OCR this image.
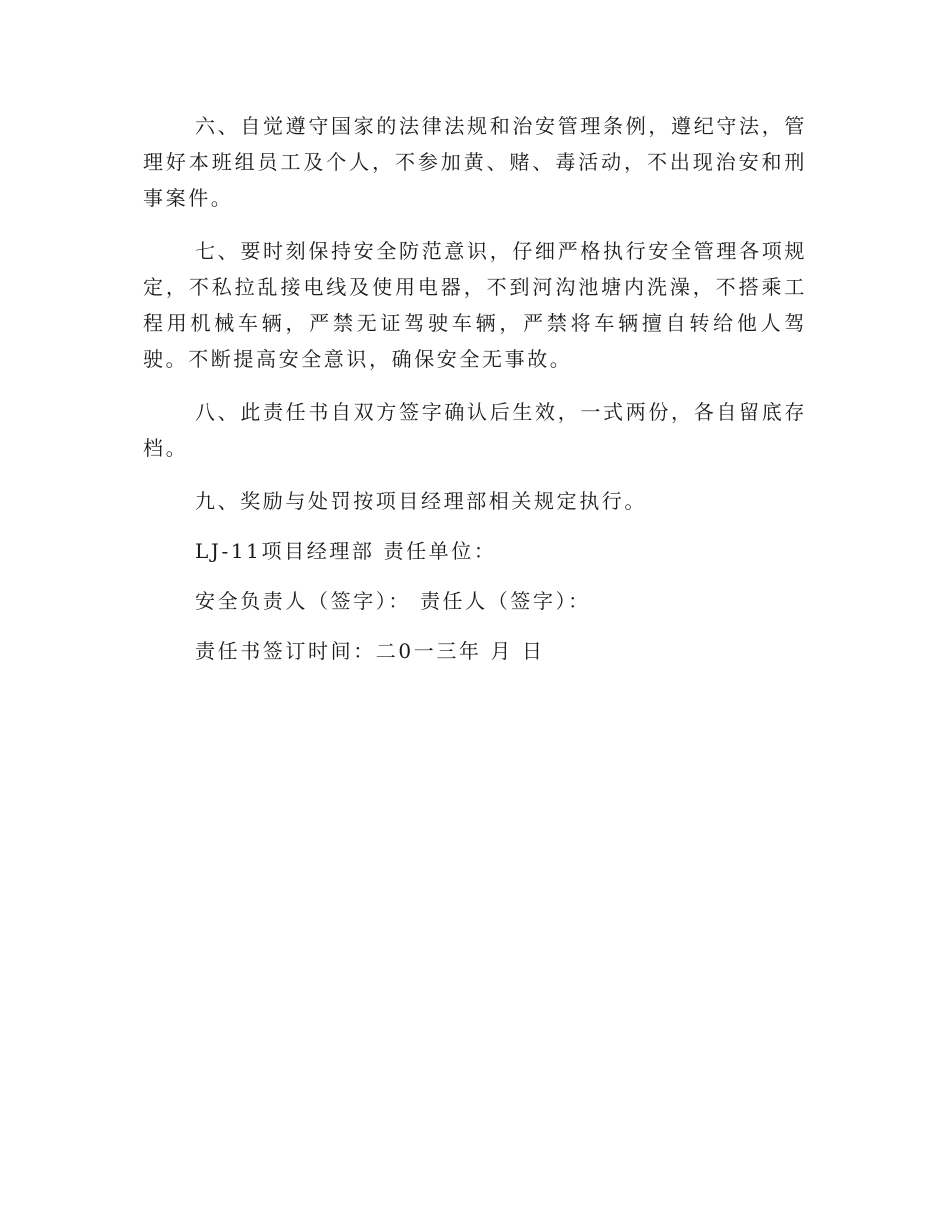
六、自觉遵守国家的法律法规和治安管理条例，遵纪守法，管理好本班组员工及个人，不参加黄、赌、毒活动，不出现治安和刑事案件。

七、要时刻保持安全防范意识，仔细严格执行安全管理各项规定，不私拉乱接电线及使用电器，不到河沟池塘内洗澡，不搭乘工程用机械车辆，严禁无证驾驶车辆，严禁将车辆擅自转给他人驾驶。不断提高安全意识，确保安全无事故。

八、此责任书自双方签字确认后生效，一式两份，各自留底存档。

九、奖励与处罚按项目经理部相关规定执行。

LJ-11项目经理部 责任单位：

安全负责人（签字）： 责任人（签字）：

责任书签订时间：二0一三年 月 日
